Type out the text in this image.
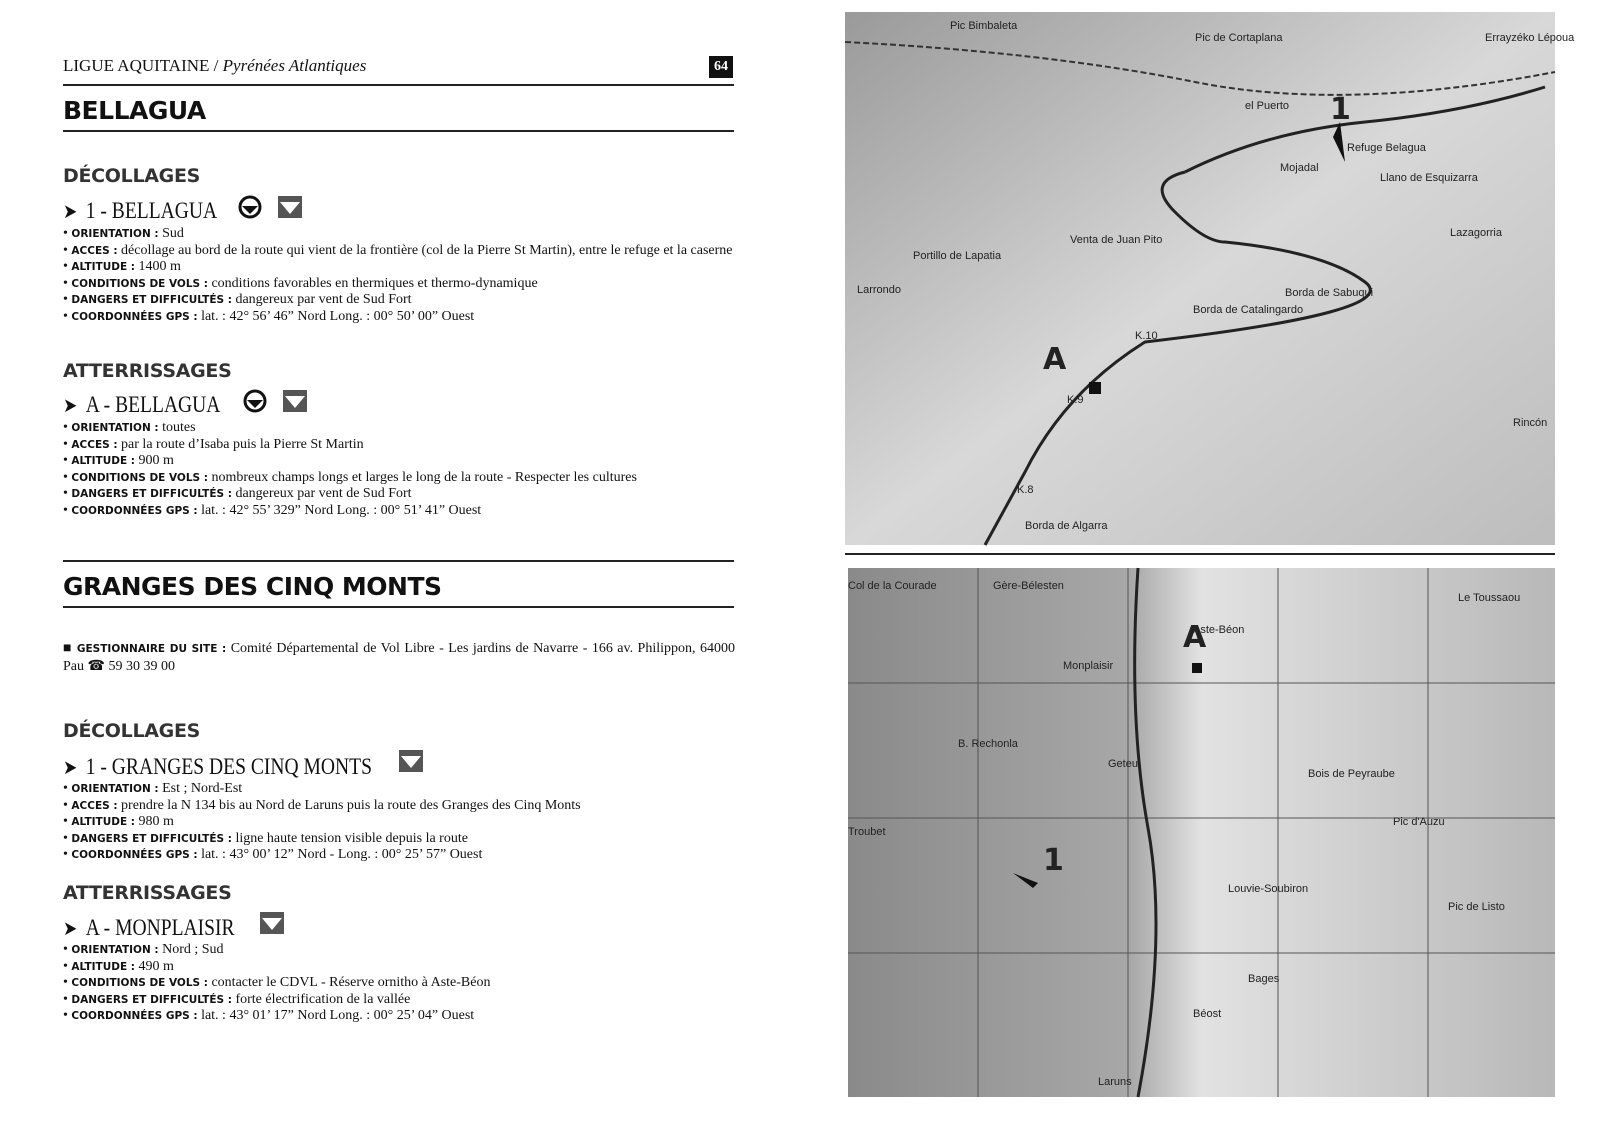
LIGUE AQUITAINE / Pyrénées Atlantiques	64
BELLAGUA
DÉCOLLAGES
➤ 1 - BELLAGUA

• ORIENTATION : Sud
• ACCES : décollage au bord de la route qui vient de la frontière (col de la Pierre St Martin), entre le refuge et la caserne
• ALTITUDE : 1400 m
• CONDITIONS DE VOLS : conditions favorables en thermiques et thermo-dynamique
• DANGERS ET DIFFICULTÉS : dangereux par vent de Sud Fort
• COORDONNÉES GPS : lat. : 42° 56’ 46” Nord Long. : 00° 50’ 00” Ouest
ATTERRISSAGES
➤ A - BELLAGUA

• ORIENTATION : toutes
• ACCES : par la route d’Isaba puis la Pierre St Martin
• ALTITUDE : 900 m
• CONDITIONS DE VOLS : nombreux champs longs et larges le long de la route - Respecter les cultures
• DANGERS ET DIFFICULTÉS : dangereux par vent de Sud Fort
• COORDONNÉES GPS : lat. : 42° 55’ 329” Nord Long. : 00° 51’ 41” Ouest
GRANGES DES CINQ MONTS
■ GESTIONNAIRE DU SITE : Comité Départemental de Vol Libre - Les jardins de Navarre - 166 av. Philippon, 64000 Pau ☎ 59 30 39 00
DÉCOLLAGES
➤ 1 - GRANGES DES CINQ MONTS
• ORIENTATION : Est ; Nord-Est
• ACCES : prendre la N 134 bis au Nord de Laruns puis la route des Granges des Cinq Monts
• ALTITUDE : 980 m
• DANGERS ET DIFFICULTÉS : ligne haute tension visible depuis la route
• COORDONNÉES GPS : lat. : 43° 00’ 12” Nord - Long. : 00° 25’ 57” Ouest
ATTERRISSAGES
➤ A - MONPLAISIR
• ORIENTATION : Nord ; Sud
• ALTITUDE : 490 m
• CONDITIONS DE VOLS : contacter le CDVL - Réserve ornitho à Aste-Béon
• DANGERS ET DIFFICULTÉS : forte électrification de la vallée
• COORDONNÉES GPS : lat. : 43° 01’ 17” Nord Long. : 00° 25’ 04” Ouest
Pic Bimbaleta
Pic de Cortaplana	Errayzéko Lépoua
el Puerto
Refuge Belagua
Mojadal
Llano de Esquizarra
Lazagorria
Portillo de Lapatia
Venta de Juan Pito
Larrondo	Borda de Sabuqui
Borda de Catalingardo
K.10
K.9
K.8
Borda de Algarra
Rincón
1
A
Col de la Courade	Gère-Bélesten
Aste-Béon
Monplaisir
Le Toussaou
B. Rechonla
Geteu
Bois de Peyraube
Pic d'Auzu
Louvie-Soubiron
Bages
Béost
Laruns
Troubet
Pic de Listo
1
A
